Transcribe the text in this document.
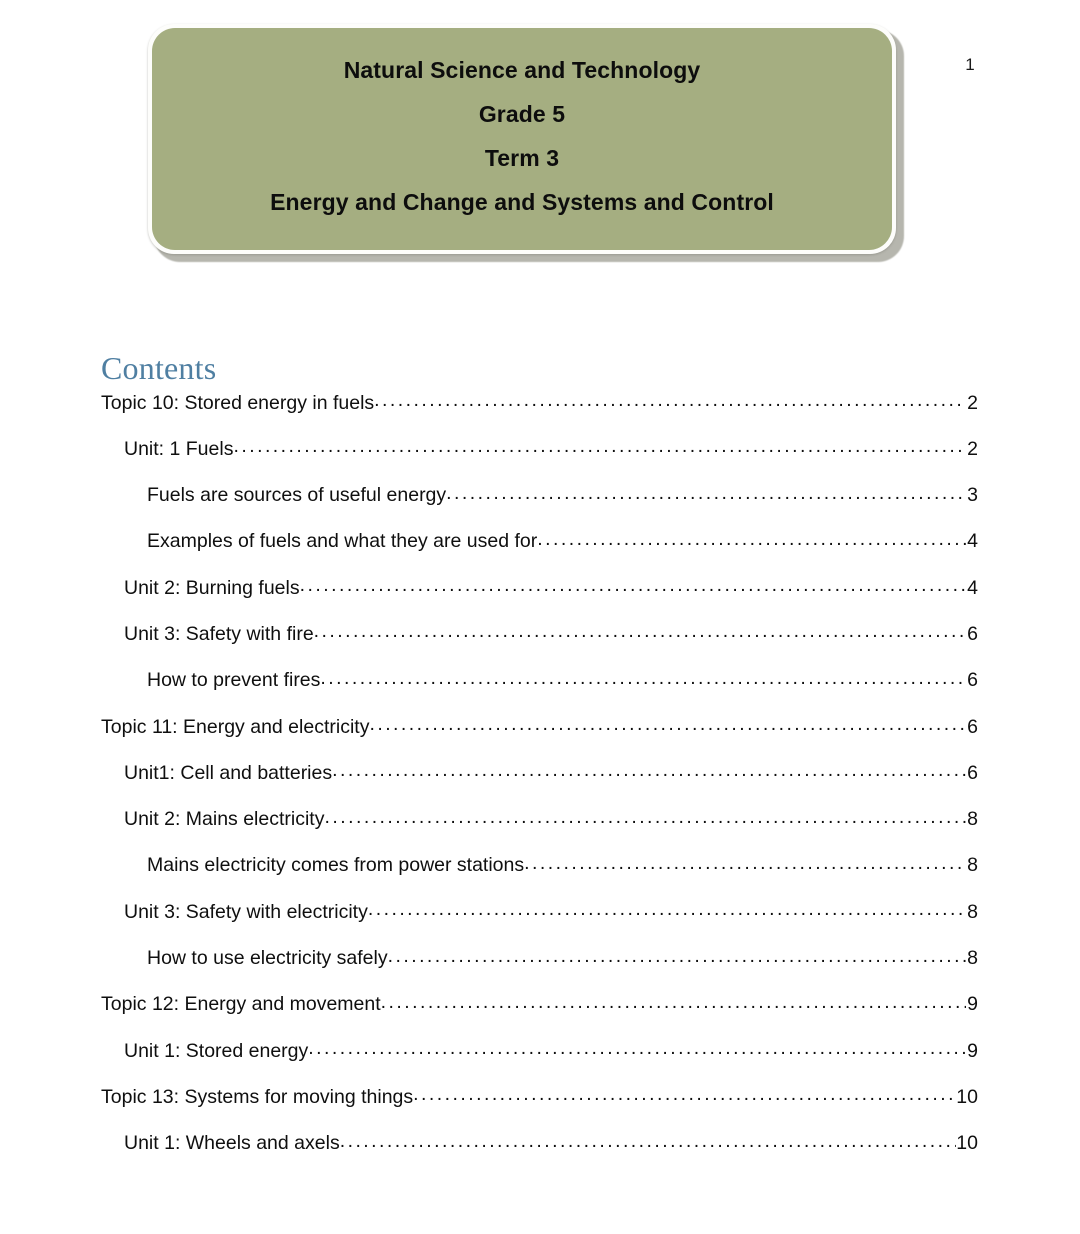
1
Natural Science and Technology
Grade 5
Term 3
Energy and Change and Systems and Control
Contents
Topic 10: Stored energy in fuels .....	2
Unit: 1 Fuels .....	2
Fuels are sources of useful energy .....	3
Examples of fuels and what they are used for .....	4
Unit 2: Burning fuels .....	4
Unit 3: Safety with fire .....	6
How to prevent fires .....	6
Topic 11: Energy and electricity .....	6
Unit1: Cell and batteries .....	6
Unit 2: Mains electricity .....	8
Mains electricity comes from power stations .....	8
Unit 3: Safety with electricity .....	8
How to use electricity safely .....	8
Topic 12: Energy and movement .....	9
Unit 1: Stored energy .....	9
Topic 13: Systems for moving things .....	10
Unit 1: Wheels and axels .....	10
